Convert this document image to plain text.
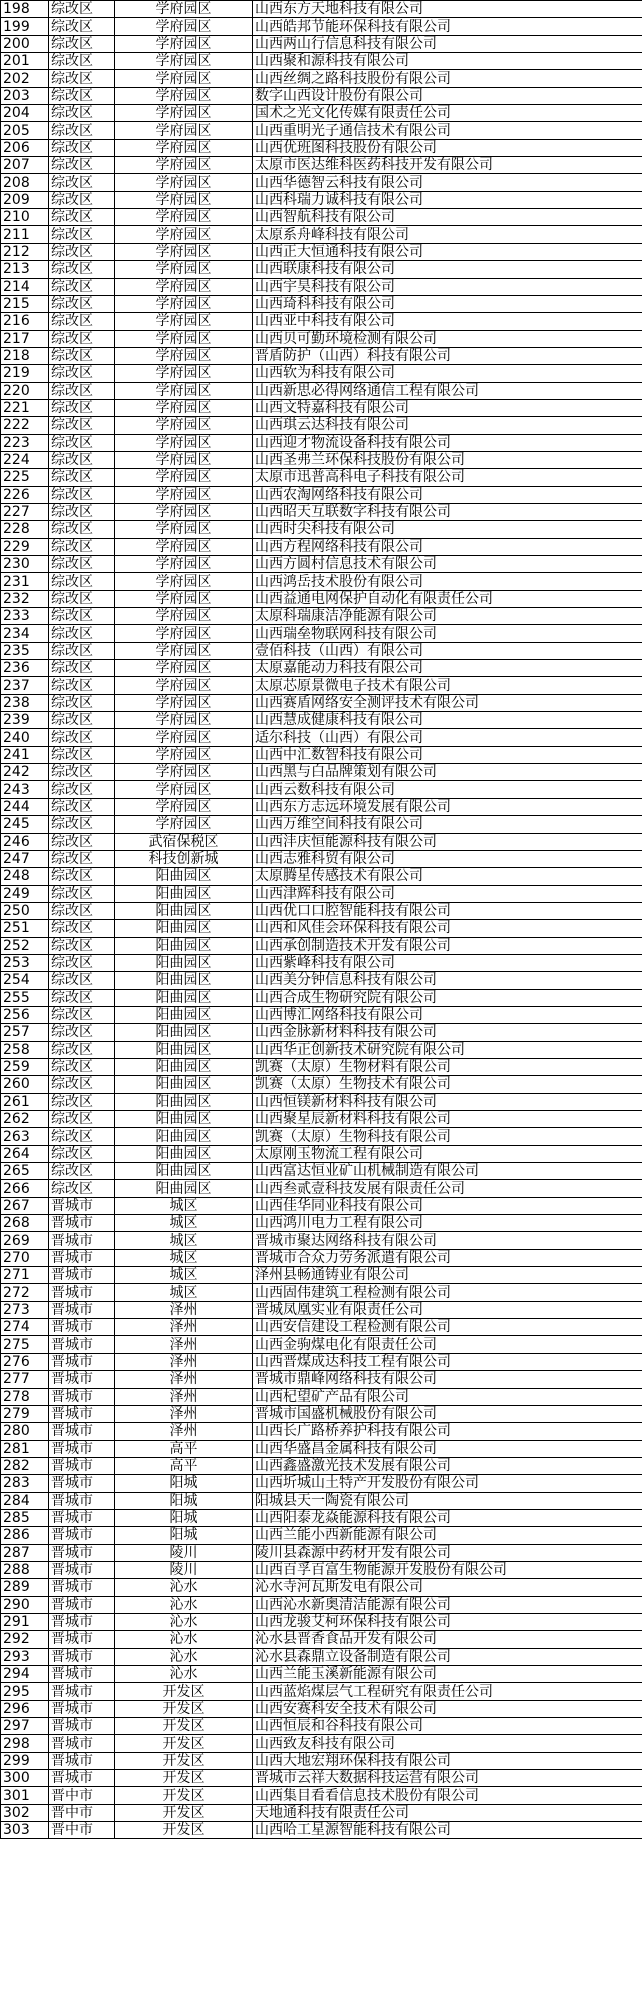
198	综改区	学府园区	山西东方天地科技有限公司
199	综改区	学府园区	山西皓邦节能环保科技有限公司
200	综改区	学府园区	山西两山行信息科技有限公司
201	综改区	学府园区	山西聚和源科技有限公司
202	综改区	学府园区	山西丝绸之路科技股份有限公司
203	综改区	学府园区	数字山西设计股份有限公司
204	综改区	学府园区	国术之光文化传媒有限责任公司
205	综改区	学府园区	山西重明光子通信技术有限公司
206	综改区	学府园区	山西优班图科技股份有限公司
207	综改区	学府园区	太原市医达维科医药科技开发有限公司
208	综改区	学府园区	山西华德智云科技有限公司
209	综改区	学府园区	山西科瑞力诚科技有限公司
210	综改区	学府园区	山西智航科技有限公司
211	综改区	学府园区	太原系舟峰科技有限公司
212	综改区	学府园区	山西正大恒通科技有限公司
213	综改区	学府园区	山西联康科技有限公司
214	综改区	学府园区	山西宇昊科技有限公司
215	综改区	学府园区	山西琦科科技有限公司
216	综改区	学府园区	山西亚中科技有限公司
217	综改区	学府园区	山西贝可勤环境检测有限公司
218	综改区	学府园区	晋盾防护（山西）科技有限公司
219	综改区	学府园区	山西软为科技有限公司
220	综改区	学府园区	山西新思必得网络通信工程有限公司
221	综改区	学府园区	山西文特嘉科技有限公司
222	综改区	学府园区	山西琪云达科技有限公司
223	综改区	学府园区	山西迎才物流设备科技有限公司
224	综改区	学府园区	山西圣弗兰环保科技股份有限公司
225	综改区	学府园区	太原市迅普高科电子科技有限公司
226	综改区	学府园区	山西农淘网络科技有限公司
227	综改区	学府园区	山西昭天互联数字科技有限公司
228	综改区	学府园区	山西时尖科技有限公司
229	综改区	学府园区	山西方程网络科技有限公司
230	综改区	学府园区	山西方圆村信息技术有限公司
231	综改区	学府园区	山西鸿岳技术股份有限公司
232	综改区	学府园区	山西益通电网保护自动化有限责任公司
233	综改区	学府园区	太原科瑞康洁净能源有限公司
234	综改区	学府园区	山西瑞垒物联网科技有限公司
235	综改区	学府园区	壹佰科技（山西）有限公司
236	综改区	学府园区	太原嘉能动力科技有限公司
237	综改区	学府园区	太原芯原景微电子技术有限公司
238	综改区	学府园区	山西赛盾网络安全测评技术有限公司
239	综改区	学府园区	山西慧成健康科技有限公司
240	综改区	学府园区	适尔科技（山西）有限公司
241	综改区	学府园区	山西中汇数智科技有限公司
242	综改区	学府园区	山西黑与白品牌策划有限公司
243	综改区	学府园区	山西云数科技有限公司
244	综改区	学府园区	山西东方志远环境发展有限公司
245	综改区	学府园区	山西万维空间科技有限公司
246	综改区	武宿保税区	山西沣庆恒能源科技有限公司
247	综改区	科技创新城	山西志雅科贸有限公司
248	综改区	阳曲园区	太原腾星传感技术有限公司
249	综改区	阳曲园区	山西津辉科技有限公司
250	综改区	阳曲园区	山西优口口腔智能科技有限公司
251	综改区	阳曲园区	山西和风佳会环保科技有限公司
252	综改区	阳曲园区	山西承创制造技术开发有限公司
253	综改区	阳曲园区	山西紫峰科技有限公司
254	综改区	阳曲园区	山西美分钟信息科技有限公司
255	综改区	阳曲园区	山西合成生物研究院有限公司
256	综改区	阳曲园区	山西博汇网络科技有限公司
257	综改区	阳曲园区	山西金脉新材料科技有限公司
258	综改区	阳曲园区	山西华正创新技术研究院有限公司
259	综改区	阳曲园区	凯赛（太原）生物材料有限公司
260	综改区	阳曲园区	凯赛（太原）生物技术有限公司
261	综改区	阳曲园区	山西恒镁新材料科技有限公司
262	综改区	阳曲园区	山西聚星辰新材料科技有限公司
263	综改区	阳曲园区	凯赛（太原）生物科技有限公司
264	综改区	阳曲园区	太原刚玉物流工程有限公司
265	综改区	阳曲园区	山西富达恒业矿山机械制造有限公司
266	综改区	阳曲园区	山西叁贰壹科技发展有限责任公司
267	晋城市	城区	山西佳华同业科技有限公司
268	晋城市	城区	山西鸿川电力工程有限公司
269	晋城市	城区	晋城市聚达网络科技有限公司
270	晋城市	城区	晋城市合众力劳务派遣有限公司
271	晋城市	城区	泽州县畅通铸业有限公司
272	晋城市	城区	山西固伟建筑工程检测有限公司
273	晋城市	泽州	晋城凤凰实业有限责任公司
274	晋城市	泽州	山西安信建设工程检测有限公司
275	晋城市	泽州	山西金驹煤电化有限责任公司
276	晋城市	泽州	山西晋煤成达科技工程有限公司
277	晋城市	泽州	晋城市鼎峰网络科技有限公司
278	晋城市	泽州	山西杞望矿产品有限公司
279	晋城市	泽州	晋城市国盛机械股份有限公司
280	晋城市	泽州	山西长广路桥养护科技有限公司
281	晋城市	高平	山西华盛昌金属科技有限公司
282	晋城市	高平	山西鑫盛激光技术发展有限公司
283	晋城市	阳城	山西圻城山土特产开发股份有限公司
284	晋城市	阳城	阳城县天一陶瓷有限公司
285	晋城市	阳城	山西阳泰龙焱能源科技有限公司
286	晋城市	阳城	山西兰能小西新能源有限公司
287	晋城市	陵川	陵川县森源中药材开发有限公司
288	晋城市	陵川	山西百孚百富生物能源开发股份有限公司
289	晋城市	沁水	沁水寺河瓦斯发电有限公司
290	晋城市	沁水	山西沁水新奥清洁能源有限公司
291	晋城市	沁水	山西龙骏艾柯环保科技有限公司
292	晋城市	沁水	沁水县晋香食品开发有限公司
293	晋城市	沁水	沁水县森鼎立设备制造有限公司
294	晋城市	沁水	山西兰能玉溪新能源有限公司
295	晋城市	开发区	山西蓝焰煤层气工程研究有限责任公司
296	晋城市	开发区	山西安赛科安全技术有限公司
297	晋城市	开发区	山西恒辰和谷科技有限公司
298	晋城市	开发区	山西致友科技有限公司
299	晋城市	开发区	山西大地宏翔环保科技有限公司
300	晋城市	开发区	晋城市云祥大数据科技运营有限公司
301	晋中市	开发区	山西集目看看信息技术股份有限公司
302	晋中市	开发区	天地通科技有限责任公司
303	晋中市	开发区	山西哈工星源智能科技有限公司
